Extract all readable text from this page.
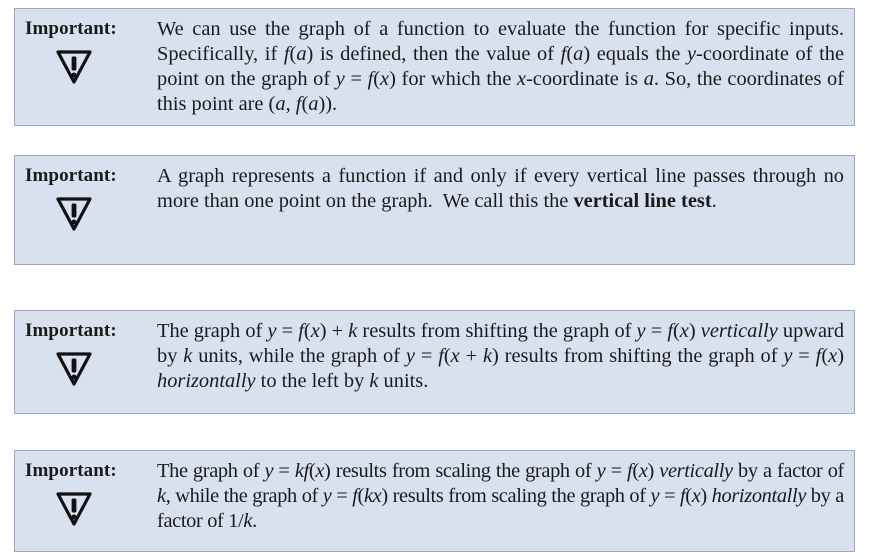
Important: We can use the graph of a function to evaluate the function for specific inputs.  Specifically, if f(a) is defined, then the value of f(a) equals the y-coordinate of the point on the graph of y = f(x) for which the x-coordinate is a. So, the coordinates of this point are (a, f(a)).
Important: A graph represents a function if and only if every vertical line passes through no more than one point on the graph.  We call this the vertical line test.
Important: The graph of y = f(x) + k results from shifting the graph of y = f(x) vertically upward by k units, while the graph of y = f(x + k) results from shifting the graph of y = f(x) horizontally to the left by k units.
Important: The graph of y = kf(x) results from scaling the graph of y = f(x) vertically by a factor of k, while the graph of y = f(kx) results from scaling the graph of y = f(x) horizontally by a factor of 1/k.
